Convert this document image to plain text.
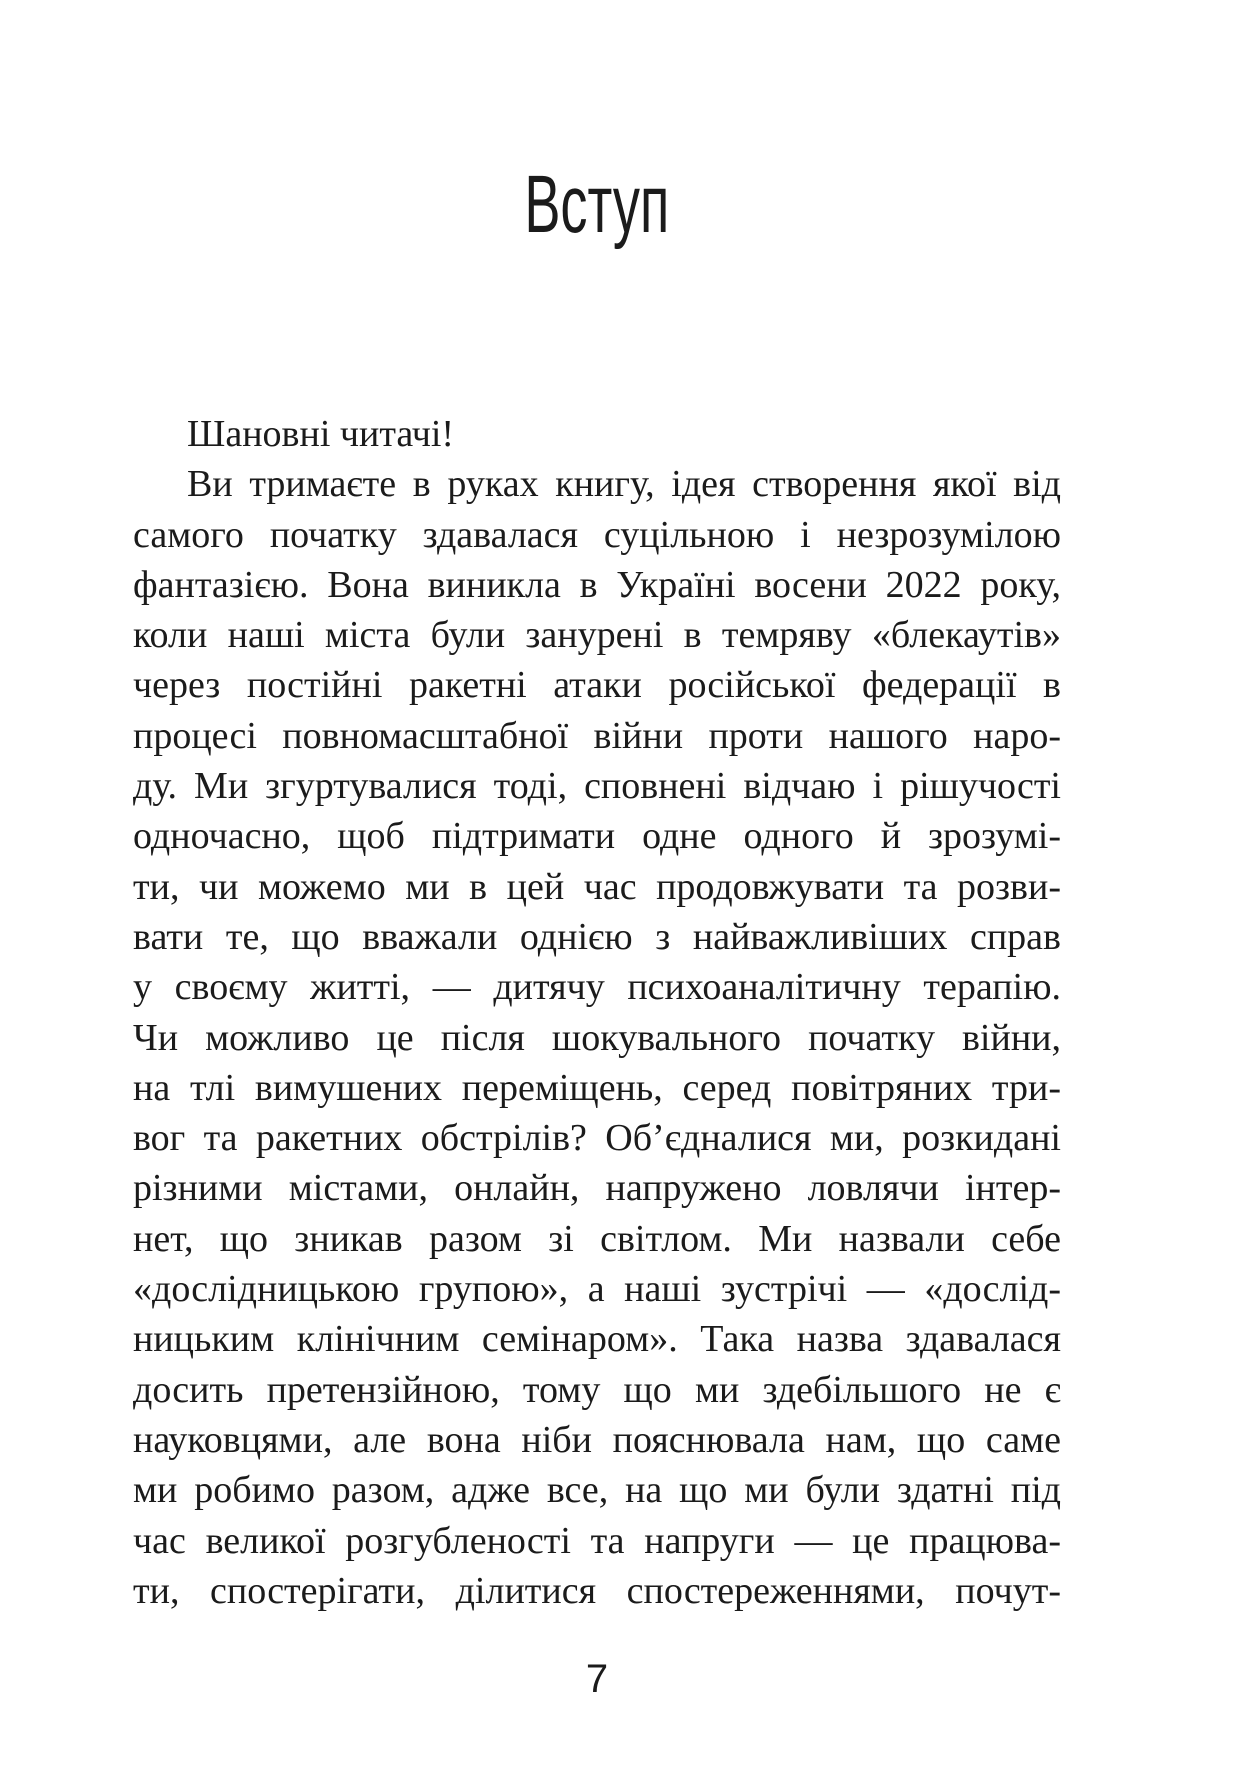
Вступ
Шановні читачі!
Ви тримаєте в руках книгу, ідея створення якої від
самого початку здавалася суцільною і незрозумілою
фантазією. Вона виникла в Україні восени 2022 року,
коли наші міста були занурені в темряву «блекаутів»
через постійні ракетні атаки російської федерації в
процесі повномасштабної війни проти нашого наро-
ду. Ми згуртувалися тоді, сповнені відчаю і рішучості
одночасно, щоб підтримати одне одного й зрозумі-
ти, чи можемо ми в цей час продовжувати та розви-
вати те, що вважали однією з найважливіших справ
у своєму житті, — дитячу психоаналітичну терапію.
Чи можливо це після шокувального початку війни,
на тлі вимушених переміщень, серед повітряних три-
вог та ракетних обстрілів? Об’єдналися ми, розкидані
різними містами, онлайн, напружено ловлячи інтер-
нет, що зникав разом зі світлом. Ми назвали себе
«дослідницькою групою», а наші зустрічі — «дослід-
ницьким клінічним семінаром». Така назва здавалася
досить претензійною, тому що ми здебільшого не є
науковцями, але вона ніби пояснювала нам, що саме
ми робимо разом, адже все, на що ми були здатні під
час великої розгубленості та напруги — це працюва-
ти, спостерігати, ділитися спостереженнями, почут-
7
